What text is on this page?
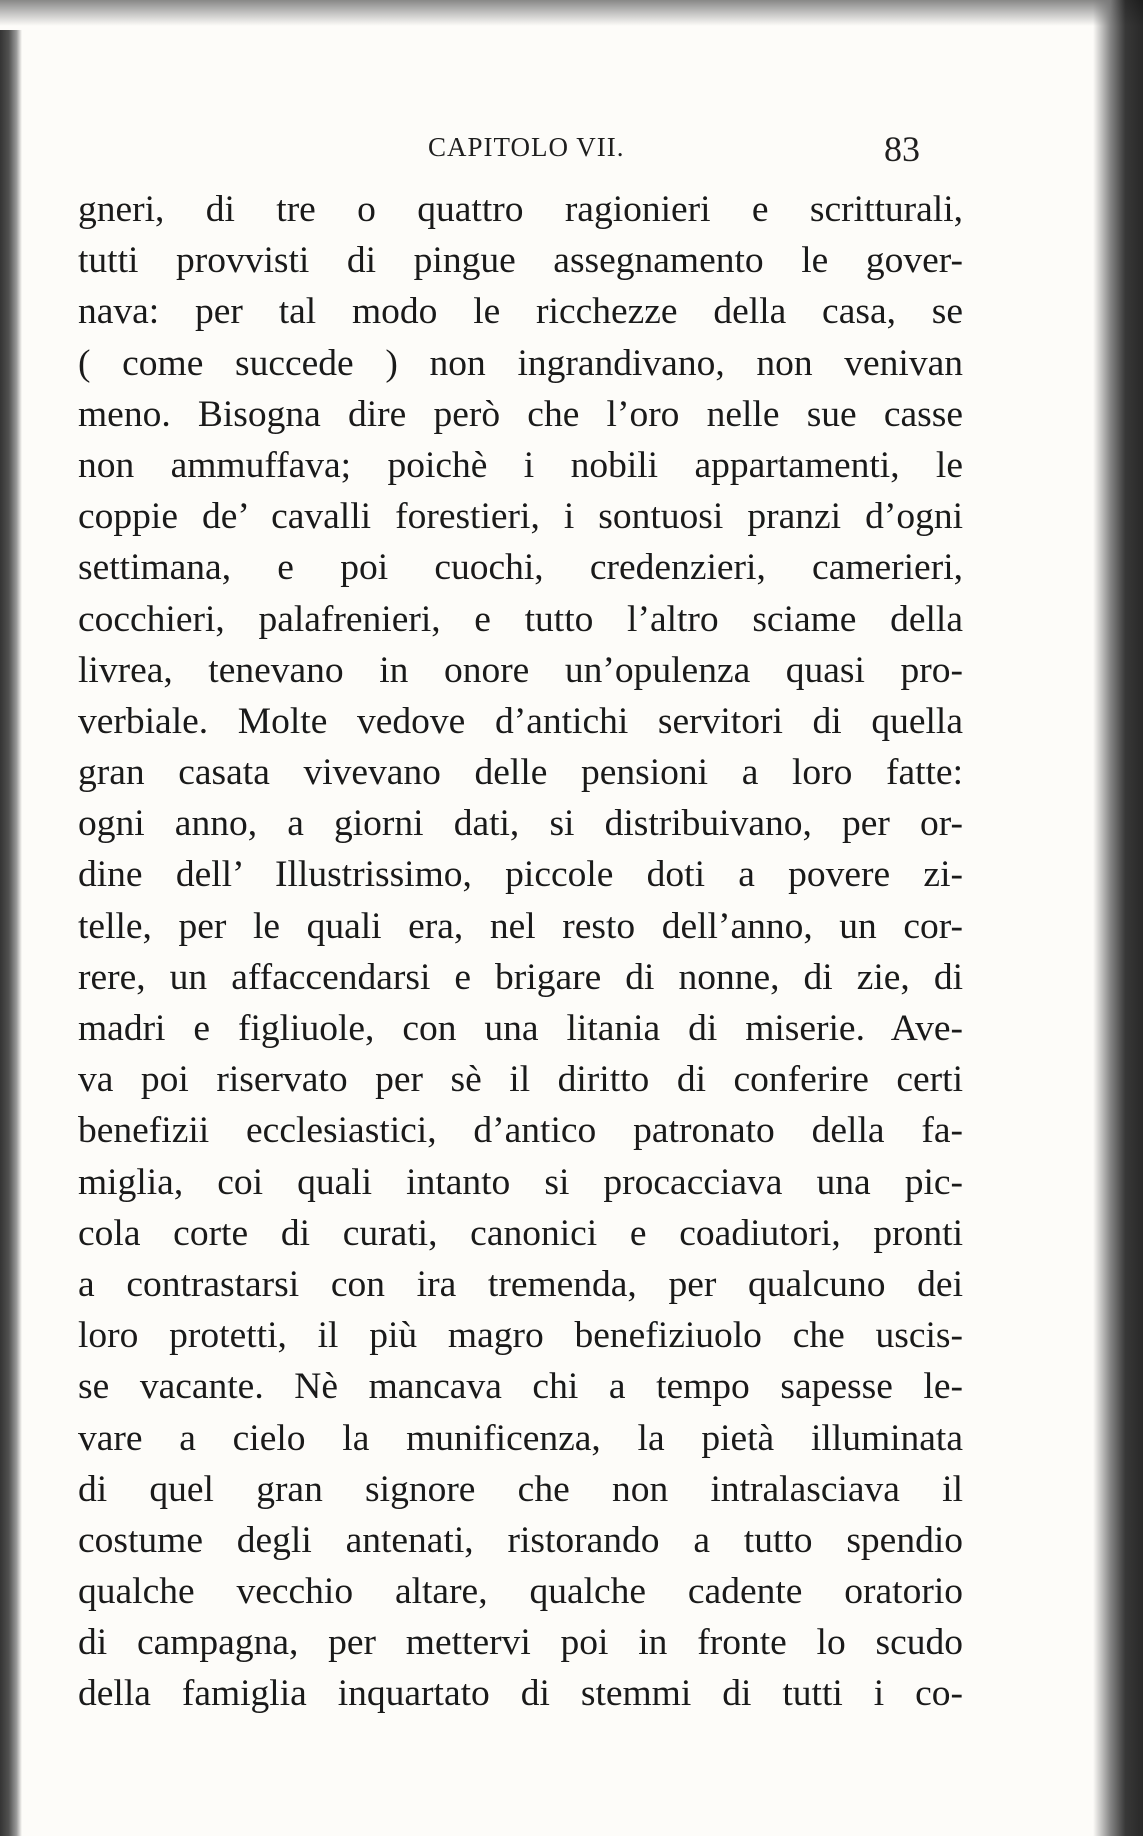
CAPITOLO VII.	83
gneri, di tre o quattro ragionieri e scritturali,
tutti provvisti di pingue assegnamento le gover-
nava: per tal modo le ricchezze della casa, se
( come succede ) non ingrandivano, non venivan
meno. Bisogna dire però che l’oro nelle sue casse
non ammuffava; poichè i nobili appartamenti, le
coppie de’ cavalli forestieri, i sontuosi pranzi d’ogni
settimana, e poi cuochi, credenzieri, camerieri,
cocchieri, palafrenieri, e tutto l’altro sciame della
livrea, tenevano in onore un’opulenza quasi pro-
verbiale. Molte vedove d’antichi servitori di quella
gran casata vivevano delle pensioni a loro fatte:
ogni anno, a giorni dati, si distribuivano, per or-
dine dell’ Illustrissimo, piccole doti a povere zi-
telle, per le quali era, nel resto dell’anno, un cor-
rere, un affaccendarsi e brigare di nonne, di zie, di
madri e figliuole, con una litania di miserie. Ave-
va poi riservato per sè il diritto di conferire certi
benefizii ecclesiastici, d’antico patronato della fa-
miglia, coi quali intanto si procacciava una pic-
cola corte di curati, canonici e coadiutori, pronti
a contrastarsi con ira tremenda, per qualcuno dei
loro protetti, il più magro benefiziuolo che uscis-
se vacante. Nè mancava chi a tempo sapesse le-
vare a cielo la munificenza, la pietà illuminata
di quel gran signore che non intralasciava il
costume degli antenati, ristorando a tutto spendio
qualche vecchio altare, qualche cadente oratorio
di campagna, per mettervi poi in fronte lo scudo
della famiglia inquartato di stemmi di tutti i co-
